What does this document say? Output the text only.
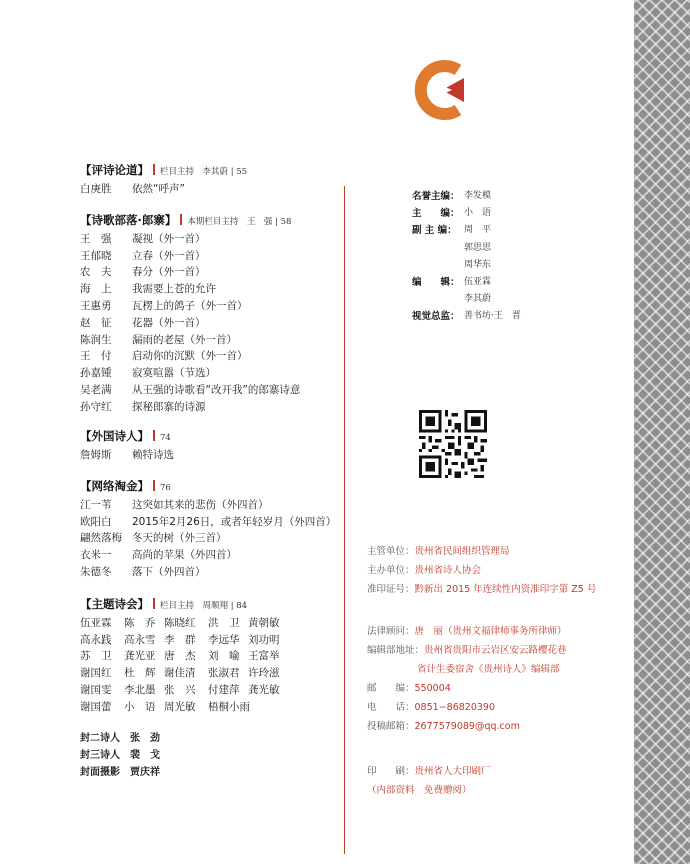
【评诗论道】 栏目主持　李其蔚 | 55
白庚胜	依然“呼声”
【诗歌部落·郎寨】 本期栏目主持　王　强 | 58
王　强	凝视（外一首）
王郁晓	立春（外一首）
农　夫	春分（外一首）
海　上	我需要上苍的允许
王惠勇	瓦楞上的鸽子（外一首）
赵　征	花器（外一首）
陈润生	漏雨的老屋（外一首）
王　付	启动你的沉默（外一首）
孙嘉锺	寂寞喧嚣（节选）
吴老满	从王强的诗歌看“改开我”的郎寨诗意
孙守红	探秘郎寨的诗源
【外国诗人】 74
詹姆斯	赖特诗选
【网络淘金】 76
江一苇	这突如其来的悲伤（外四首）
欧阳白	2015年2月26日，或者年轻岁月（外四首）
翩然落梅 冬天的树（外三首）
衣米一	高尚的苹果（外四首）
朱德冬	落下（外四首）
【主题诗会】 栏目主持　周顺翔 | 84
伍亚霖	陈　乔 陈晓红	洪　卫 黄朝敏
高永践	高永雪 李　群	李远华 刘功明
苏　卫	龚光亚 唐　杰	刘　喻 王富举
谢国红	杜　辉 谢佳清	张淑君 许玲滋
谢国雯	李北墨 张　兴	付建萍 龚光敏
谢国蕾	小　语 周光敏	梧桐小雨
封二诗人 张　劲
封三诗人 裴　戈
封面摄影 贾庆祥
名誉主编： 李发模
主　　编： 小　语
副 主 编： 周　平
郭思思
周华东
编　　辑： 伍亚霖
李其蔚
视觉总监： 善书坊·王　晋
主管单位：贵州省民间组织管理局
主办单位：贵州省诗人协会
准印证号：黔新出 2015 年连续性内资准印字第 Z5 号
法律顾问：唐　丽（贵州文福律师事务所律师）
编辑部地址：贵州省贵阳市云岩区安云路樱花巷
省计生委宿舍《贵州诗人》编辑部
邮　　编：550004
电　　话：0851−86820390
投稿邮箱：2677579089@qq.com
印　　刷：贵州省人大印刷厂
（内部资料　免费赠阅）
